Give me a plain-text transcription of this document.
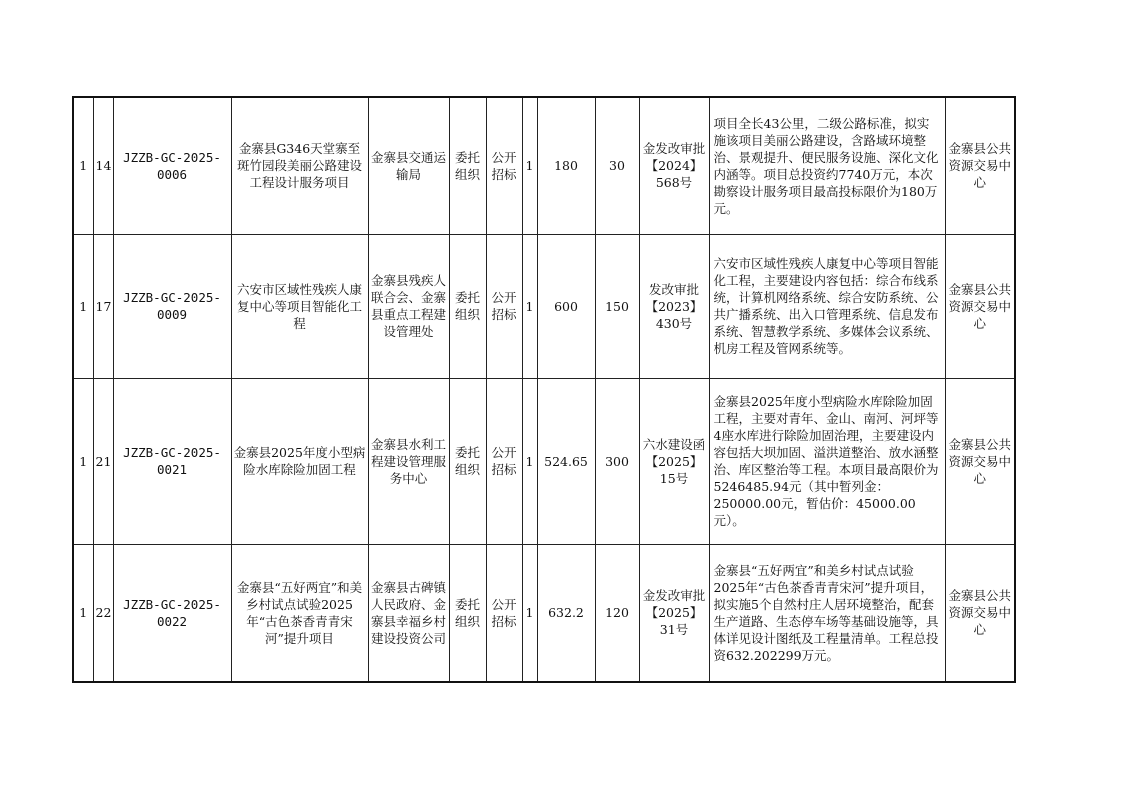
1	14	JZZB-GC-2025-0006	金寨县G346天堂寨至斑竹园段美丽公路建设工程设计服务项目	金寨县交通运输局	委托组织	公开招标	1	180	30	金发改审批【2024】568号	项目全长43公里，二级公路标准，拟实施该项目美丽公路建设，含路域环境整治、景观提升、便民服务设施、深化文化内涵等。项目总投资约7740万元，本次勘察设计服务项目最高投标限价为180万元。	金寨县公共资源交易中心
1	17	JZZB-GC-2025-0009	六安市区域性残疾人康复中心等项目智能化工程	金寨县残疾人联合会、金寨县重点工程建设管理处	委托组织	公开招标	1	600	150	发改审批【2023】430号	六安市区域性残疾人康复中心等项目智能化工程，主要建设内容包括：综合布线系统，计算机网络系统、综合安防系统、公共广播系统、出入口管理系统、信息发布系统、智慧教学系统、多媒体会议系统、机房工程及管网系统等。	金寨县公共资源交易中心
1	21	JZZB-GC-2025-0021	金寨县2025年度小型病险水库除险加固工程	金寨县水利工程建设管理服务中心	委托组织	公开招标	1	524.65	300	六水建设函【2025】15号	金寨县2025年度小型病险水库除险加固工程，主要对青年、金山、南河、河坪等4座水库进行除险加固治理，主要建设内容包括大坝加固、溢洪道整治、放水涵整治、库区整治等工程。本项目最高限价为5246485.94元（其中暂列金：250000.00元，暂估价：45000.00元）。	金寨县公共资源交易中心
1	22	JZZB-GC-2025-0022	金寨县“五好两宜”和美乡村试点试验2025年“古色茶香青青宋河”提升项目	金寨县古碑镇人民政府、金寨县幸福乡村建设投资公司	委托组织	公开招标	1	632.2	120	金发改审批【2025】31号	金寨县“五好两宜”和美乡村试点试验2025年“古色茶香青青宋河”提升项目，拟实施5个自然村庄人居环境整治，配套生产道路、生态停车场等基础设施等，具体详见设计图纸及工程量清单。工程总投资632.202299万元。	金寨县公共资源交易中心
